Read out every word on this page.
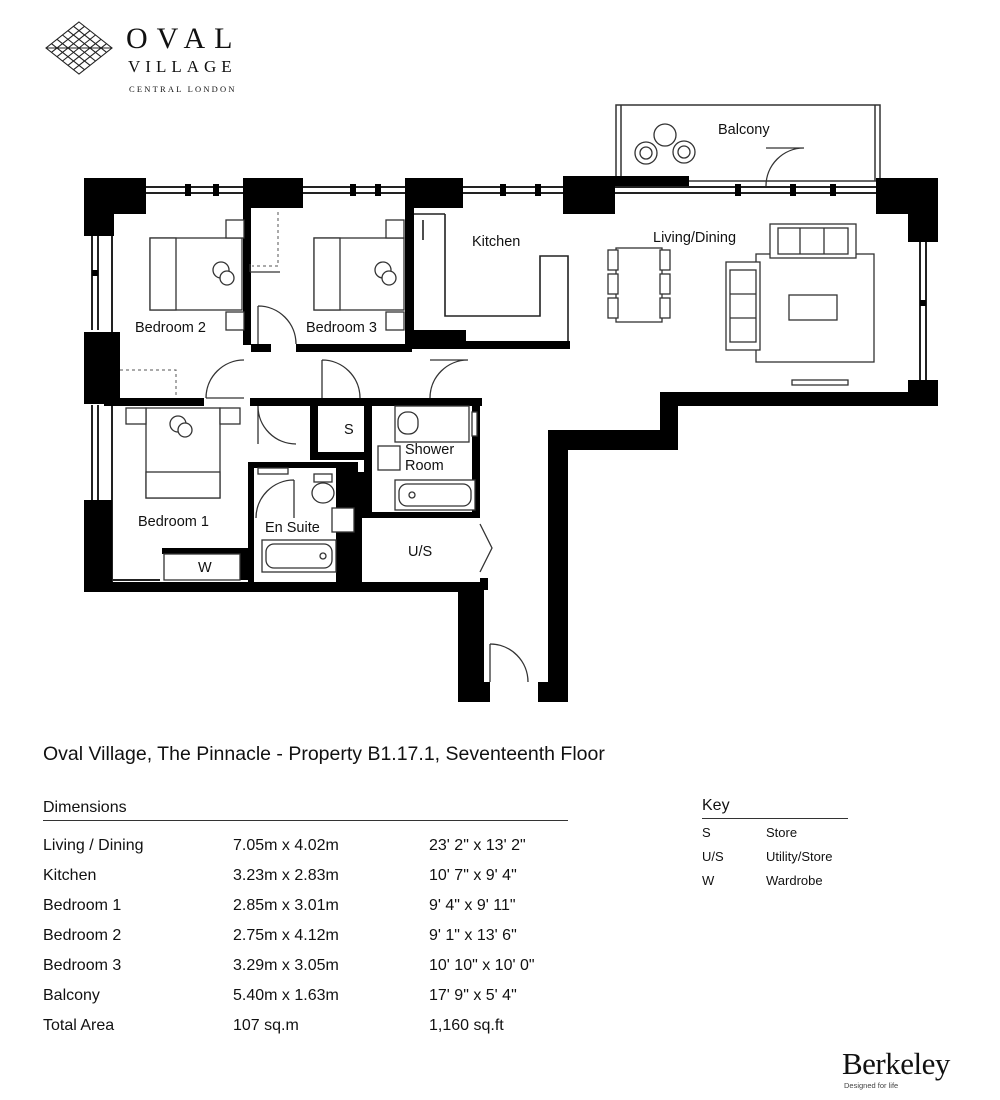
OVAL
VILLAGE
CENTRAL LONDON
Balcony
Kitchen	Living/Dining
Bedroom 2	Bedroom 3
Bedroom 1
S
Shower
Room
En Suite
U/S
W
Oval Village, The Pinnacle - Property B1.17.1, Seventeenth Floor
Dimensions
Living / Dining	7.05m x 4.02m	23' 2" x 13' 2"
Kitchen	3.23m x 2.83m	10' 7" x 9' 4"
Bedroom 1	2.85m x 3.01m	9' 4" x 9' 11"
Bedroom 2	2.75m x 4.12m	9' 1" x 13' 6"
Bedroom 3	3.29m x 3.05m	10' 10" x 10' 0"
Balcony	5.40m x 1.63m	17' 9" x 5' 4"
Total Area	107 sq.m	1,160 sq.ft
Key
S	Store
U/S	Utility/Store
W	Wardrobe
Berkeley
Designed for life
